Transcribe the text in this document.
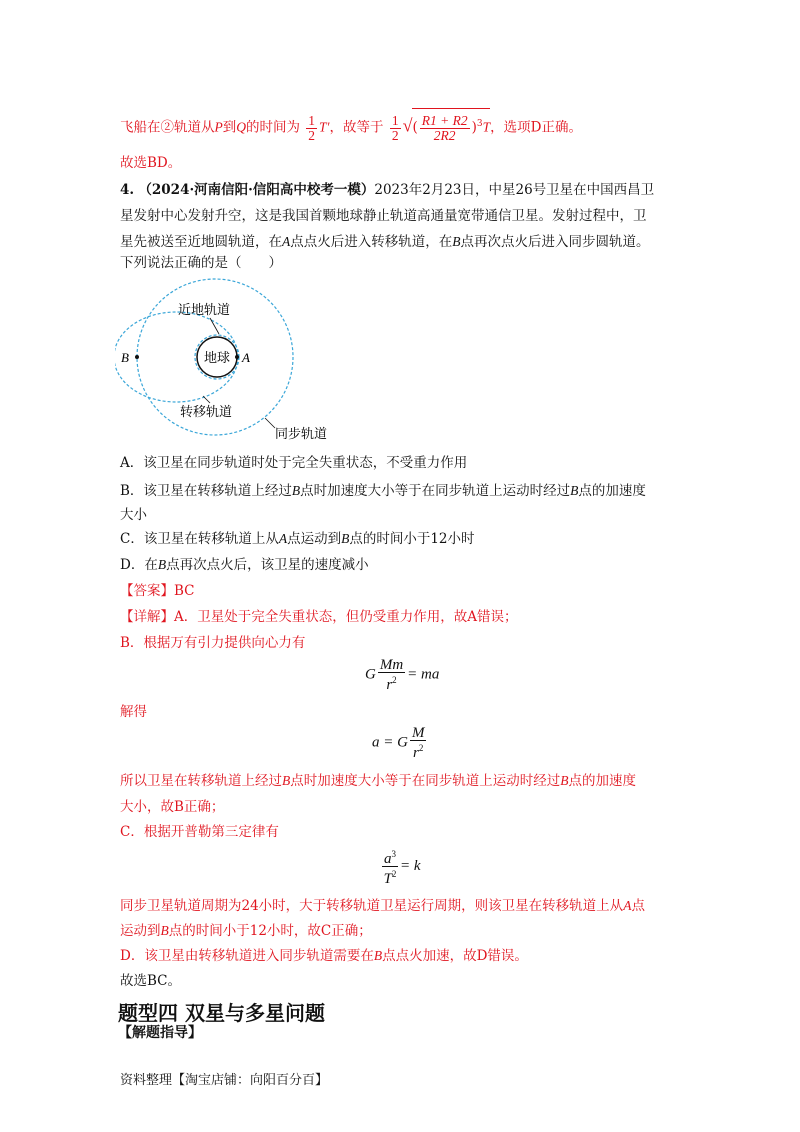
飞船在②轨道从P到Q的时间为 $\frac{1}{2} T'$，故等于 $\frac{1}{2}$ √( $\frac{R1 + R2}{2R2} )^3T$，选项D正确。
故选BD。
4. （2024·河南信阳·信阳高中校考一模）2023年2月23日，中星26号卫星在中国西昌卫
星发射中心发射升空，这是我国首颗地球静止轨道高通量宽带通信卫星。发射过程中，卫
星先被送至近地圆轨道，在A点点火后进入转移轨道，在B点再次点火后进入同步圆轨道。
下列说法正确的是（　　）
地球 A
B
近地轨道
转移轨道
同步轨道
A．该卫星在同步轨道时处于完全失重状态，不受重力作用
B．该卫星在转移轨道上经过B点时加速度大小等于在同步轨道上运动时经过B点的加速度
大小
C．该卫星在转移轨道上从A点运动到B点的时间小于12小时
D．在B点再次点火后，该卫星的速度减小
【答案】BC
【详解】A．卫星处于完全失重状态，但仍受重力作用，故A错误；
B．根据万有引力提供向心力有
G $\frac{Mm}{r^2}$ = ma
解得
a = G $\frac{M}{r^2}$
所以卫星在转移轨道上经过B点时加速度大小等于在同步轨道上运动时经过B点的加速度
大小，故B正确；
C．根据开普勒第三定律有
$\frac{a^3}{T^2} = k$
同步卫星轨道周期为24小时，大于转移轨道卫星运行周期，则该卫星在转移轨道上从A点
运动到B点的时间小于12小时，故C正确；
D．该卫星由转移轨道进入同步轨道需要在B点点火加速，故D错误。
故选BC。
题型四 双星与多星问题
【解题指导】
资料整理【淘宝店铺：向阳百分百】
